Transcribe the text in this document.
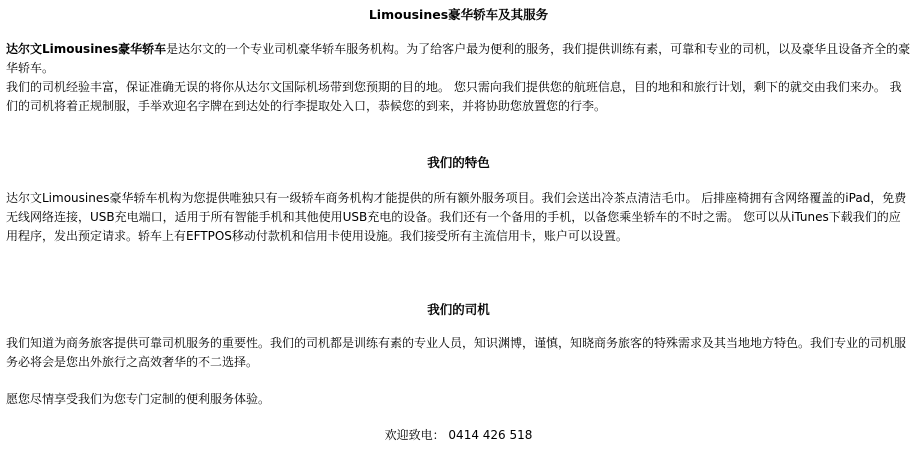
Limousines豪华轿车及其服务

达尔文Limousines豪华轿车是达尔文的一个专业司机豪华轿车服务机构。为了给客户最为便利的服务，我们提供训练有素，可靠和专业的司机，以及豪华且设备齐全的豪华轿车。
我们的司机经验丰富，保证准确无误的将你从达尔文国际机场带到您预期的目的地。 您只需向我们提供您的航班信息，目的地和和旅行计划，剩下的就交由我们来办。 我们的司机将着正规制服，手举欢迎名字牌在到达处的行李提取处入口，恭候您的到来，并将协助您放置您的行李。

我们的特色

达尔文Limousines豪华轿车机构为您提供唯独只有一级轿车商务机构才能提供的所有额外服务项目。我们会送出冷茶点清洁毛巾。 后排座椅拥有含网络覆盖的iPad，免费无线网络连接，USB充电端口，适用于所有智能手机和其他使用USB充电的设备。我们还有一个备用的手机，以备您乘坐轿车的不时之需。 您可以从iTunes下载我们的应用程序，发出预定请求。轿车上有EFTPOS移动付款机和信用卡使用设施。我们接受所有主流信用卡，账户可以设置。

我们的司机

我们知道为商务旅客提供可靠司机服务的重要性。我们的司机都是训练有素的专业人员，知识渊博，谨慎，知晓商务旅客的特殊需求及其当地地方特色。我们专业的司机服务必将会是您出外旅行之高效奢华的不二选择。

愿您尽情享受我们为您专门定制的便利服务体验。

欢迎致电： 0414 426 518
